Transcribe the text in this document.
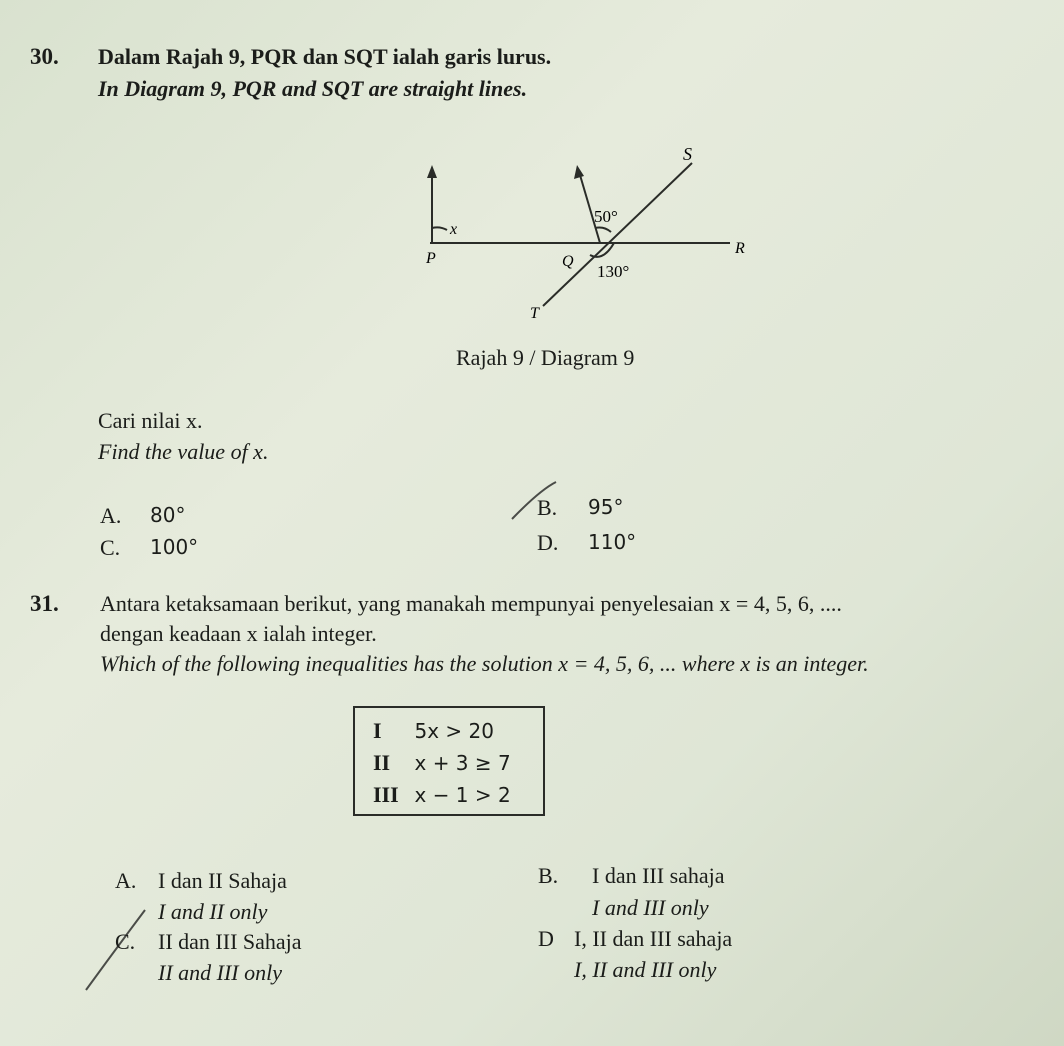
30. Dalam Rajah 9, PQR dan SQT ialah garis lurus.
In Diagram 9, PQR and SQT are straight lines.
S
x
50°
P	Q
R
130°
T
Rajah 9 / Diagram 9
Cari nilai x.
Find the value of x.
A. 80°	B. 95°
C. 100°	D. 110°
31. Antara ketaksamaan berikut, yang manakah mempunyai penyelesaian x = 4, 5, 6, ....
dengan keadaan x ialah integer.
Which of the following inequalities has the solution x = 4, 5, 6, ... where x is an integer.
I 5x > 20
II x + 3 ≥ 7
III x − 1 > 2
A. I dan II Sahaja
I and II only
B. I dan III sahaja
I and III only
C. II dan III Sahaja
II and III only
D I, II dan III sahaja
I, II and III only
